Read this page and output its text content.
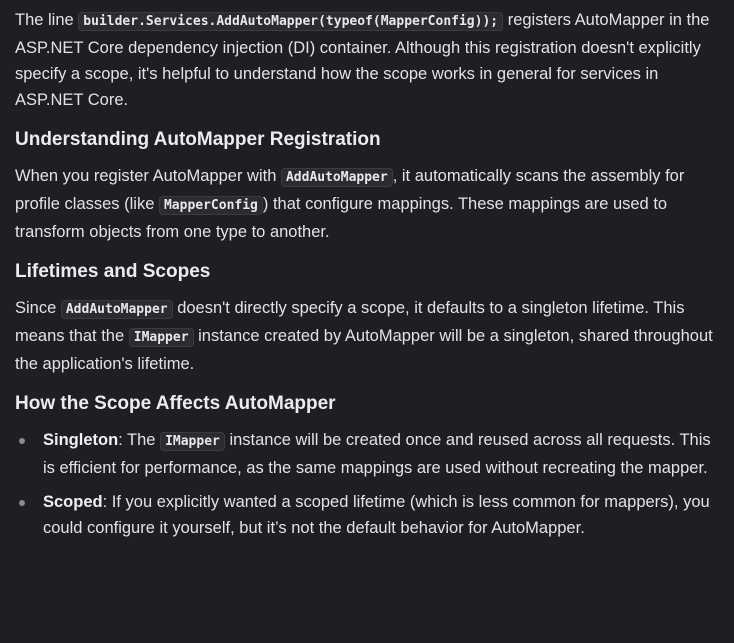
The line builder.Services.AddAutoMapper(typeof(MapperConfig)); registers AutoMapper in the ASP.NET Core dependency injection (DI) container. Although this registration doesn't explicitly specify a scope, it's helpful to understand how the scope works in general for services in ASP.NET Core.

Understanding AutoMapper Registration

When you register AutoMapper with AddAutoMapper , it automatically scans the assembly for profile classes (like MapperConfig ) that configure mappings. These mappings are used to transform objects from one type to another.

Lifetimes and Scopes

Since AddAutoMapper doesn't directly specify a scope, it defaults to a singleton lifetime. This means that the IMapper instance created by AutoMapper will be a singleton, shared throughout the application's lifetime.

How the Scope Affects AutoMapper
Singleton: The IMapper instance will be created once and reused across all requests. This is efficient for performance, as the same mappings are used without recreating the mapper.
Scoped: If you explicitly wanted a scoped lifetime (which is less common for mappers), you could configure it yourself, but it’s not the default behavior for AutoMapper.
